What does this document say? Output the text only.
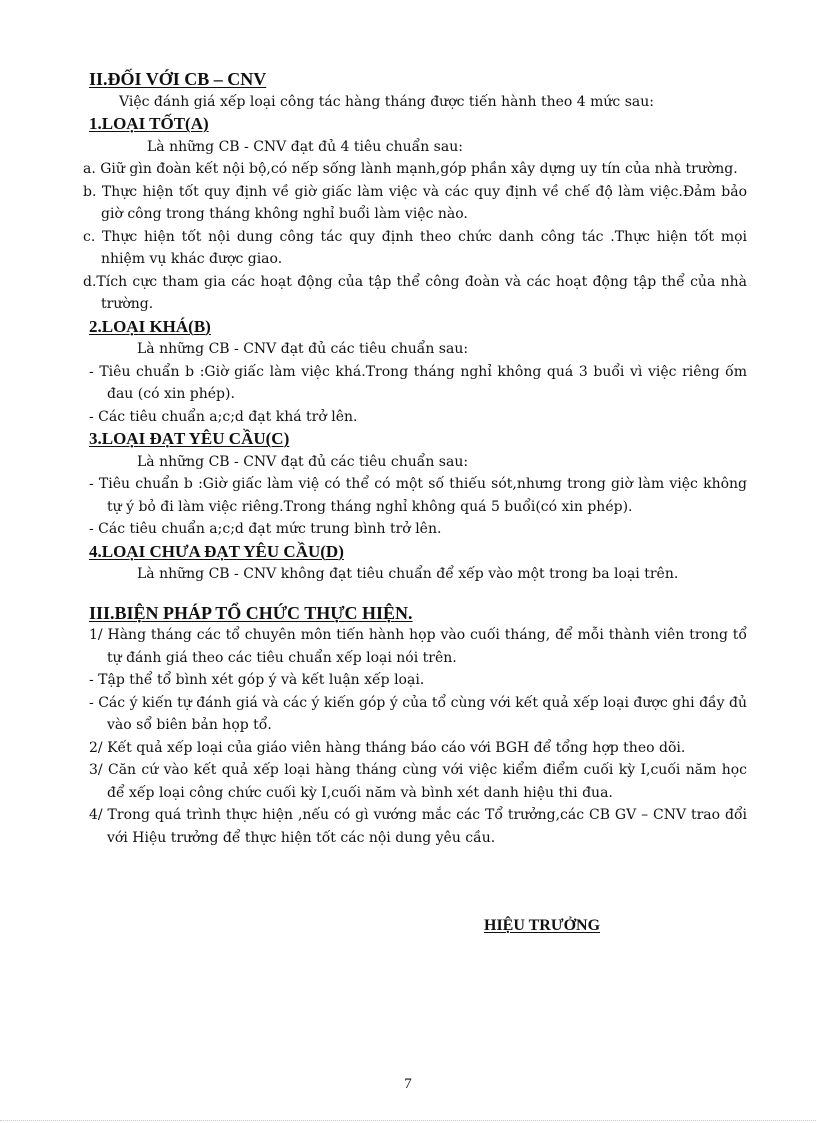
II.ĐỐI VỚI CB – CNV
Việc đánh giá xếp loại công tác hàng tháng được tiến hành theo 4 mức sau:
1.LOẠI TỐT(A)
Là những CB - CNV đạt đủ 4 tiêu chuẩn sau:
a. Giữ gìn đoàn kết nội bộ,có nếp sống lành mạnh,góp phần xây dựng uy tín của nhà trường.
b. Thực hiện tốt quy định về giờ giấc làm việc và các quy định về chế độ làm việc.Đảm bảo giờ công trong tháng không nghỉ buổi làm việc nào.
c. Thực hiện tốt nội dung công tác quy định theo chức danh công tác .Thực hiện tốt mọi nhiệm vụ khác được giao.
d.Tích cực tham gia các hoạt động của tập thể công đoàn và các hoạt động tập thể của nhà trường.
2.LOẠI KHÁ(B)
Là những CB - CNV đạt đủ các tiêu chuẩn sau:
- Tiêu chuẩn b :Giờ giấc làm việc khá.Trong tháng nghỉ không quá 3 buổi vì việc riêng ốm đau (có xin phép).
- Các tiêu chuẩn a;c;d đạt khá trở lên.
3.LOẠI ĐẠT YÊU CẦU(C)
Là những CB - CNV đạt đủ các tiêu chuẩn sau:
- Tiêu chuẩn b :Giờ giấc làm việ có thể có một số thiếu sót,nhưng trong giờ làm việc không tự ý bỏ đi làm việc riêng.Trong tháng nghỉ không quá 5 buổi(có xin phép).
- Các tiêu chuẩn a;c;d đạt mức trung bình trở lên.
4.LOẠI CHƯA ĐẠT YÊU CẦU(D)
Là những CB - CNV không đạt tiêu chuẩn để xếp vào một trong ba loại trên.
III.BIỆN PHÁP TỔ CHỨC THỰC HIỆN.
1/ Hàng tháng các tổ chuyên môn tiến hành họp vào cuối tháng, để mỗi thành viên trong tổ tự đánh giá theo các tiêu chuẩn xếp loại nói trên.
- Tập thể tổ bình xét góp ý và kết luận xếp loại.
- Các ý kiến tự đánh giá và các ý kiến góp ý của tổ cùng với kết quả xếp loại được ghi đầy đủ vào sổ biên bản họp tổ.
2/ Kết quả xếp loại của giáo viên hàng tháng báo cáo với BGH để tổng hợp theo dõi.
3/ Căn cứ vào kết quả xếp loại hàng tháng cùng với việc kiểm điểm cuối kỳ I,cuối năm học để xếp loại công chức cuối kỳ I,cuối năm và bình xét danh hiệu thi đua.
4/ Trong quá trình thực hiện ,nếu có gì vướng mắc các Tổ trưởng,các CB GV – CNV trao đổi với Hiệu trưởng để thực hiện tốt các nội dung yêu cầu.
HIỆU TRƯỞNG
7
